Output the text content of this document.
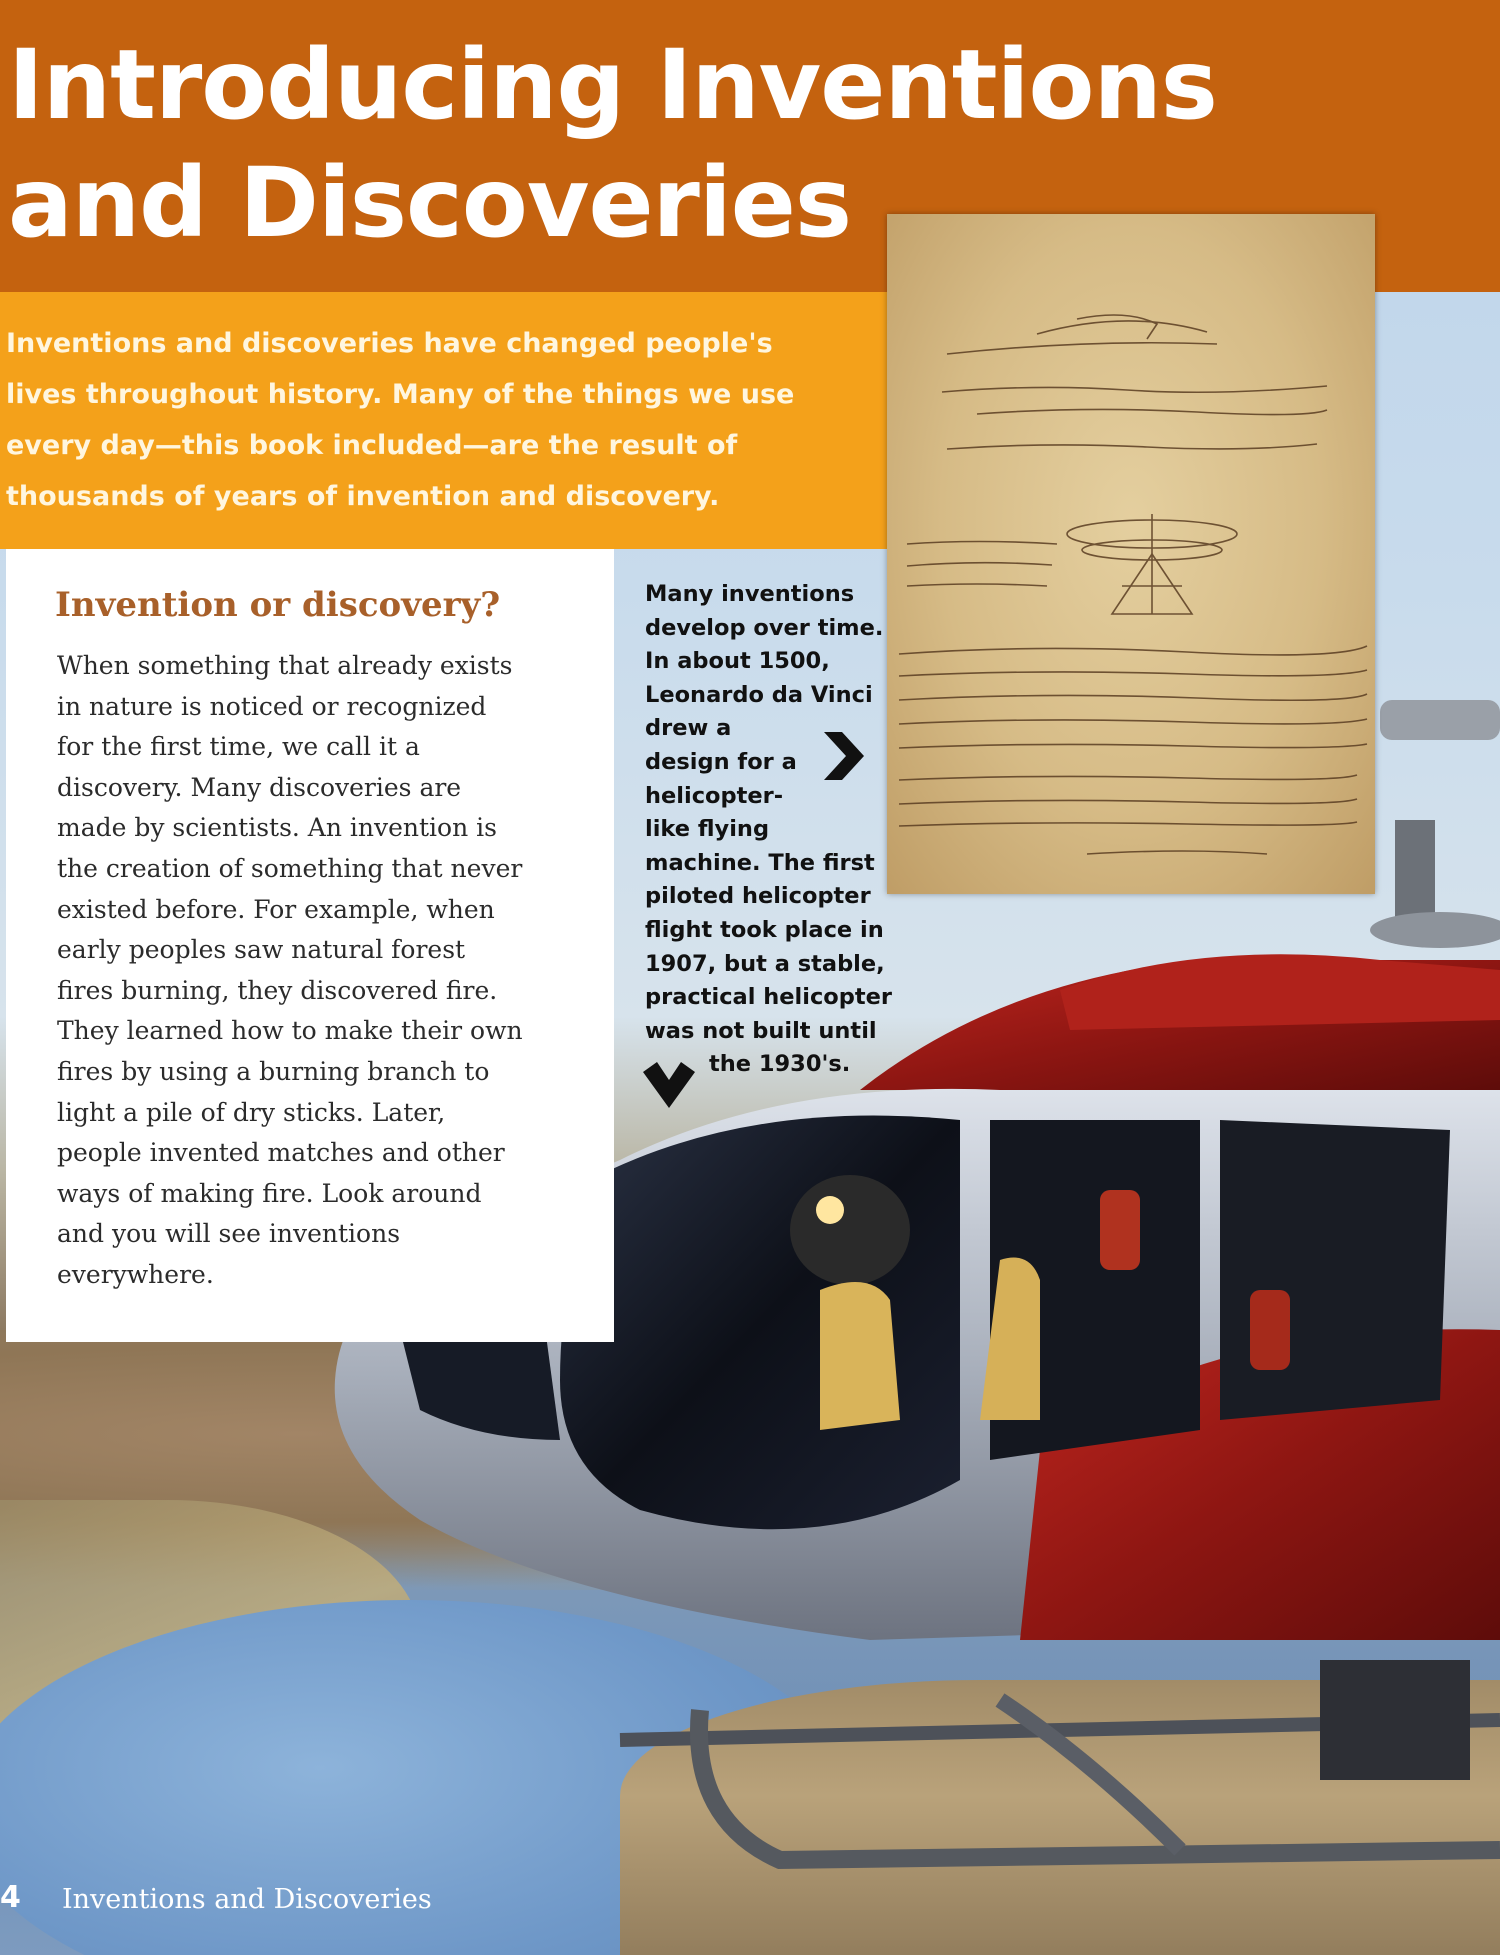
Introducing Inventions
and Discoveries
Inventions and discoveries have changed people's
lives throughout history. Many of the things we use
every day—this book included—are the result of
thousands of years of invention and discovery.
Invention or discovery?
When something that already exists
in nature is noticed or recognized
for the first time, we call it a
discovery. Many discoveries are
made by scientists. An invention is
the creation of something that never
existed before. For example, when
early peoples saw natural forest
fires burning, they discovered fire.
They learned how to make their own
fires by using a burning branch to
light a pile of dry sticks. Later,
people invented matches and other
ways of making fire. Look around
and you will see inventions
everywhere.
Many inventions
develop over time.
In about 1500,
Leonardo da Vinci
drew a
design for a
helicopter-
like flying
machine. The first
piloted helicopter
flight took place in
1907, but a stable,
practical helicopter
was not built until
the 1930's.
4 Inventions and Discoveries
